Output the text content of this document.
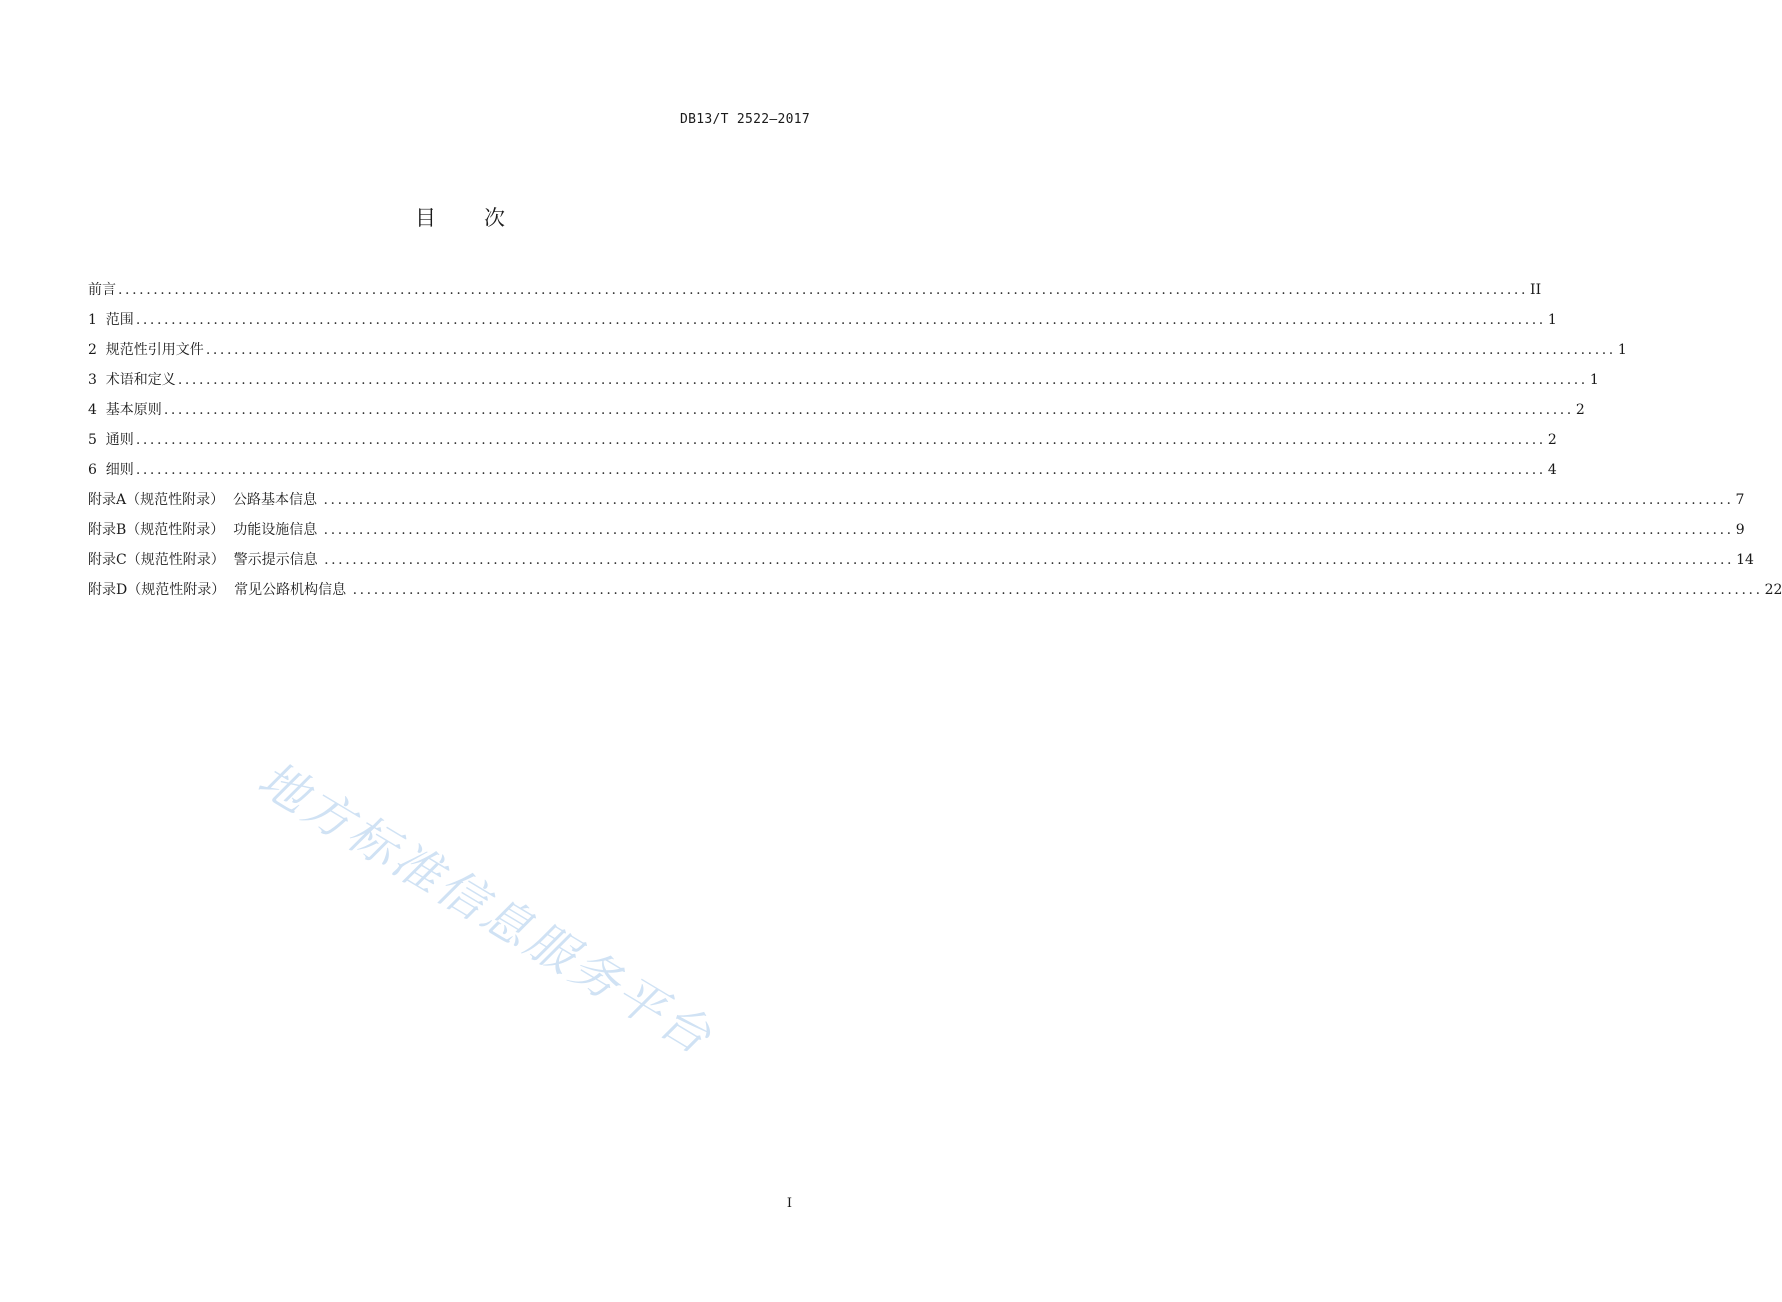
DB13/T 2522—2017
目 次
前言 ........................................................................................................................................................................................................ II
1  范围 ........................................................................................................................................................................................................ 1
2  规范性引用文件 ........................................................................................................................................................................................................ 1
3  术语和定义 ........................................................................................................................................................................................................ 1
4  基本原则 ........................................................................................................................................................................................................ 2
5  通则 ........................................................................................................................................................................................................ 2
6  细则 ........................................................................................................................................................................................................ 4
附录A（规范性附录）  公路基本信息 ........................................................................................................................................................................................................ 7
附录B（规范性附录）  功能设施信息 ........................................................................................................................................................................................................ 9
附录C（规范性附录）  警示提示信息 ........................................................................................................................................................................................................ 14
附录D（规范性附录）  常见公路机构信息 ........................................................................................................................................................................................................ 22
地方标准信息服务平台
I
